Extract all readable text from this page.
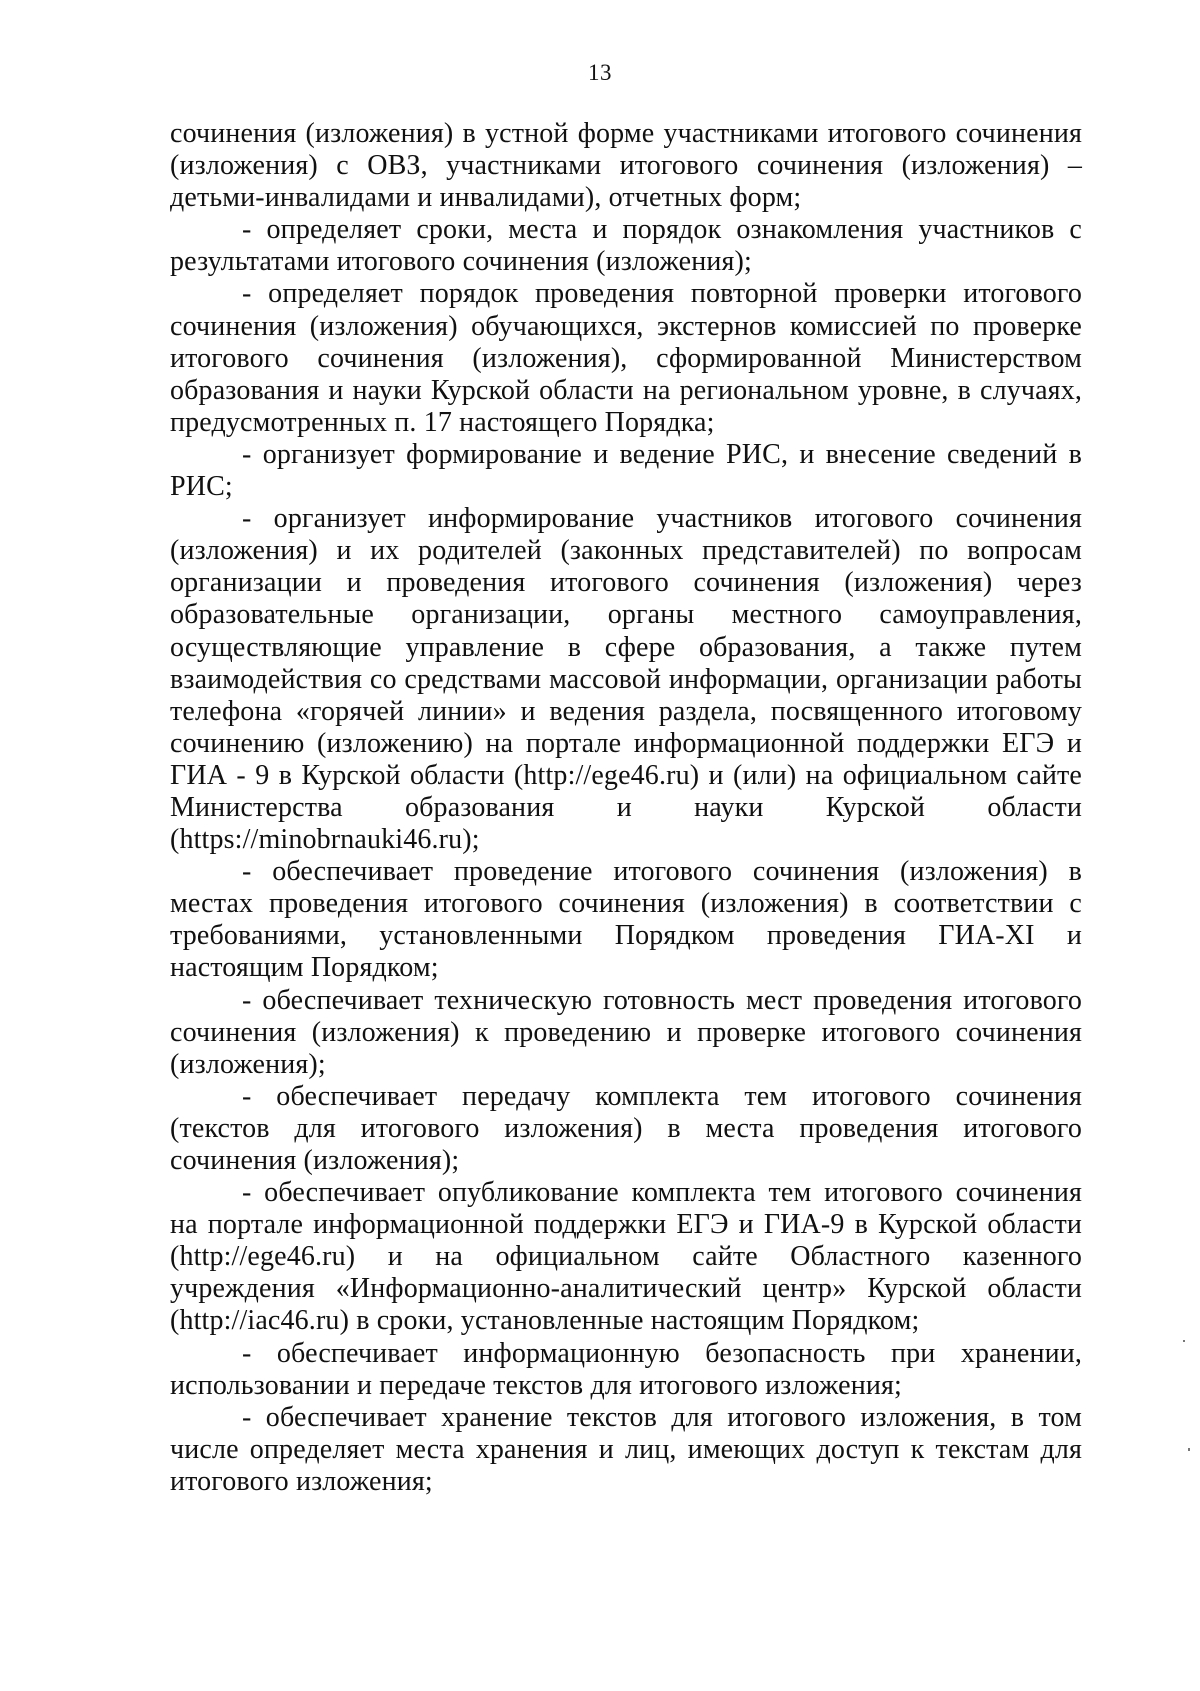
13

сочинения (изложения) в устной форме участниками итогового сочинения (изложения) с ОВЗ, участниками итогового сочинения (изложения) – детьми-инвалидами и инвалидами), отчетных форм;

- определяет сроки, места и порядок ознакомления участников с результатами итогового сочинения (изложения);

- определяет порядок проведения повторной проверки итогового сочинения (изложения) обучающихся, экстернов комиссией по проверке итогового сочинения (изложения), сформированной Министерством образования и науки Курской области на региональном уровне, в случаях, предусмотренных п. 17 настоящего Порядка;

- организует формирование и ведение РИС, и внесение сведений в РИС;

- организует информирование участников итогового сочинения (изложения) и их родителей (законных представителей) по вопросам организации и проведения итогового сочинения (изложения) через образовательные организации, органы местного самоуправления, осуществляющие управление в сфере образования, а также путем взаимодействия со средствами массовой информации, организации работы телефона «горячей линии» и ведения раздела, посвященного итоговому сочинению (изложению) на портале информационной поддержки ЕГЭ и ГИА - 9 в Курской области (http://ege46.ru) и (или) на официальном сайте Министерства образования и науки Курской области (https://minobrnauki46.ru);

- обеспечивает проведение итогового сочинения (изложения) в местах проведения итогового сочинения (изложения) в соответствии с требованиями, установленными Порядком проведения ГИА-XI и настоящим Порядком;

- обеспечивает техническую готовность мест проведения итогового сочинения (изложения) к проведению и проверке итогового сочинения (изложения);

- обеспечивает передачу комплекта тем итогового сочинения (текстов для итогового изложения) в места проведения итогового сочинения (изложения);

- обеспечивает опубликование комплекта тем итогового сочинения на портале информационной поддержки ЕГЭ и ГИА-9 в Курской области (http://ege46.ru) и на официальном сайте Областного казенного учреждения «Информационно-аналитический центр» Курской области (http://iac46.ru) в сроки, установленные настоящим Порядком;

- обеспечивает информационную безопасность при хранении, использовании и передаче текстов для итогового изложения;

- обеспечивает хранение текстов для итогового изложения, в том числе определяет места хранения и лиц, имеющих доступ к текстам для итогового изложения;
